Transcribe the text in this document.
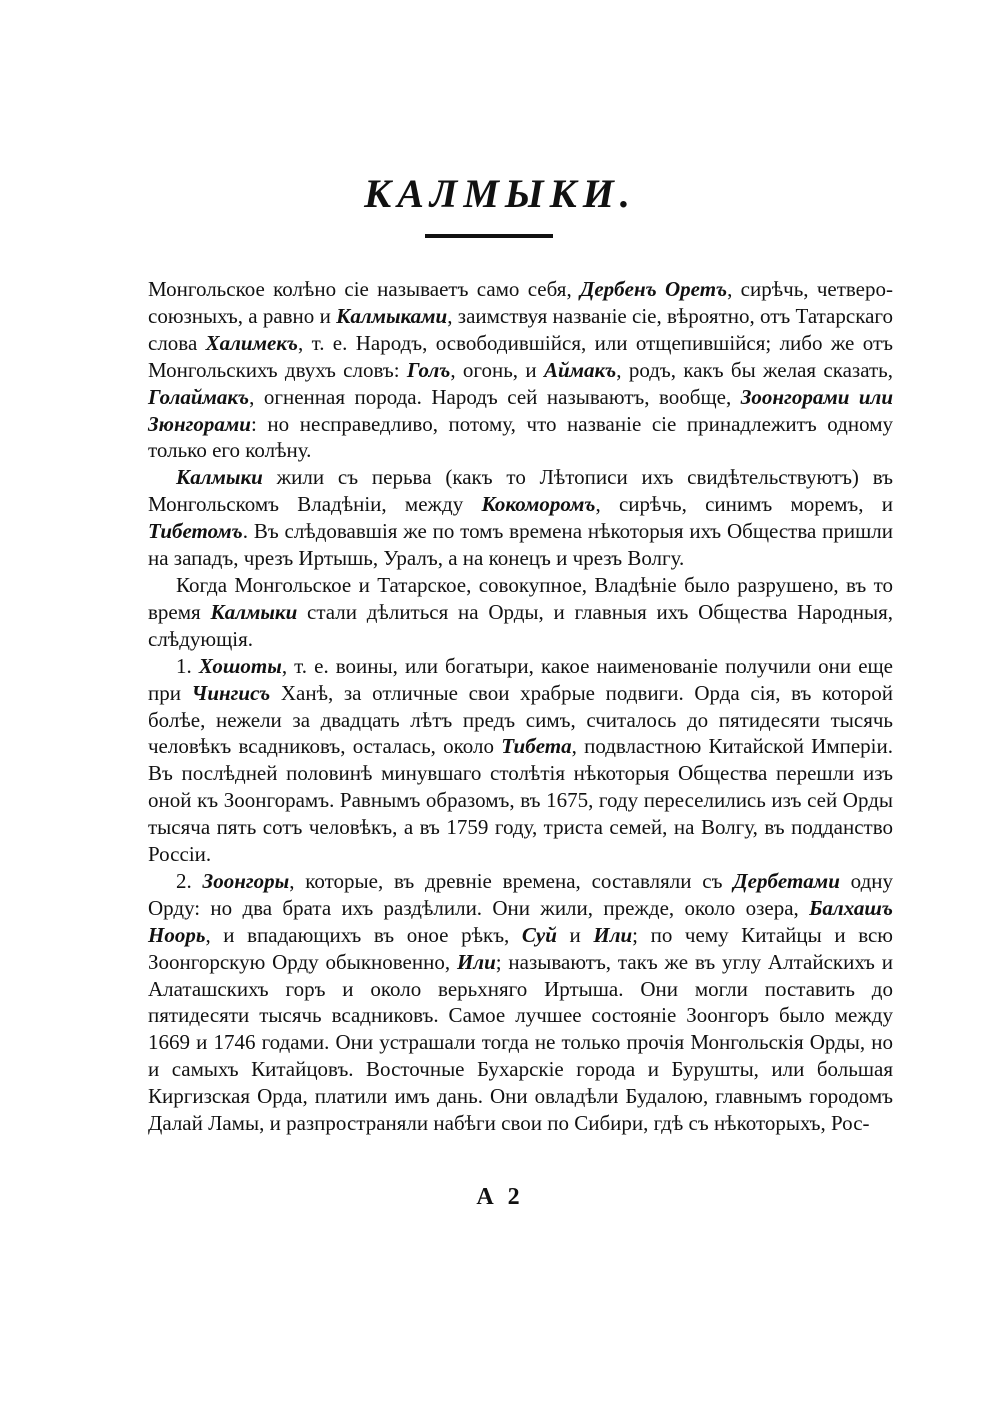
КАЛМЫКИ.

Монгольское колѣно сіе называетъ само себя, Дербенъ Оретъ, сирѣчь, четверо-союзныхъ, а равно и Калмыками, заимствуя названіе сіе, вѣроятно, отъ Татарскаго слова Халимекъ, т. е. Народъ, освободившійся, или отщепившійся; либо же отъ Монгольскихъ двухъ словъ: Голъ, огонь, и Аймакъ, родъ, какъ бы желая сказать, Голаймакъ, огненная порода. Народъ сей называютъ, вообще, Зоонгорами или Зюнгорами: но несправедливо, потому, что названіе сіе принадлежитъ одному только его колѣну.

Калмыки жили съ перьва (какъ то Лѣтописи ихъ свидѣтельствуютъ) въ Монгольскомъ Владѣніи, между Кокоморомъ, сирѣчь, синимъ моремъ, и Тибетомъ. Въ слѣдовавшія же по томъ времена нѣкоторыя ихъ Общества пришли на западъ, чрезъ Иртышь, Уралъ, а на конецъ и чрезъ Волгу.

Когда Монгольское и Татарское, совокупное, Владѣніе было разрушено, въ то время Калмыки стали дѣлиться на Орды, и главныя ихъ Общества Народныя, слѣдующія.

1. Хошоты, т. е. воины, или богатыри, какое наименованіе получили они еще при Чингисъ Ханѣ, за отличные свои храбрые подвиги. Орда сія, въ которой болѣе, нежели за двадцать лѣтъ предъ симъ, считалось до пятидесяти тысячь человѣкъ всадниковъ, осталась, около Тибета, подвластною Китайской Имперіи. Въ послѣдней половинѣ минувшаго столѣтія нѣкоторыя Общества перешли изъ оной къ Зоонгорамъ. Равнымъ образомъ, въ 1675, году переселились изъ сей Орды тысяча пять сотъ человѣкъ, а въ 1759 году, триста семей, на Волгу, въ подданство Россіи.

2. Зоонгоры, которые, въ древніе времена, составляли съ Дербетами одну Орду: но два брата ихъ раздѣлили. Они жили, прежде, около озера, Балхашъ Ноорь, и впадающихъ въ оное рѣкъ, Суй и Или; по чему Китайцы и всю Зоонгорскую Орду обыкновенно, Или; называютъ, такъ же въ углу Алтайскихъ и Алаташскихъ горъ и около верьхняго Иртыша. Они могли поставить до пятидесяти тысячь всадниковъ. Самое лучшее состояніе Зоонгоръ было между 1669 и 1746 годами. Они устрашали тогда не только прочія Монгольскія Орды, но и самыхъ Китайцовъ. Восточные Бухарскіе города и Бурушты, или большая Киргизская Орда, платили имъ дань. Они овладѣли Будалою, главнымъ городомъ Далай Ламы, и разпространяли набѣги свои по Сибири, гдѣ съ нѣкоторыхъ, Рос-

А 2
